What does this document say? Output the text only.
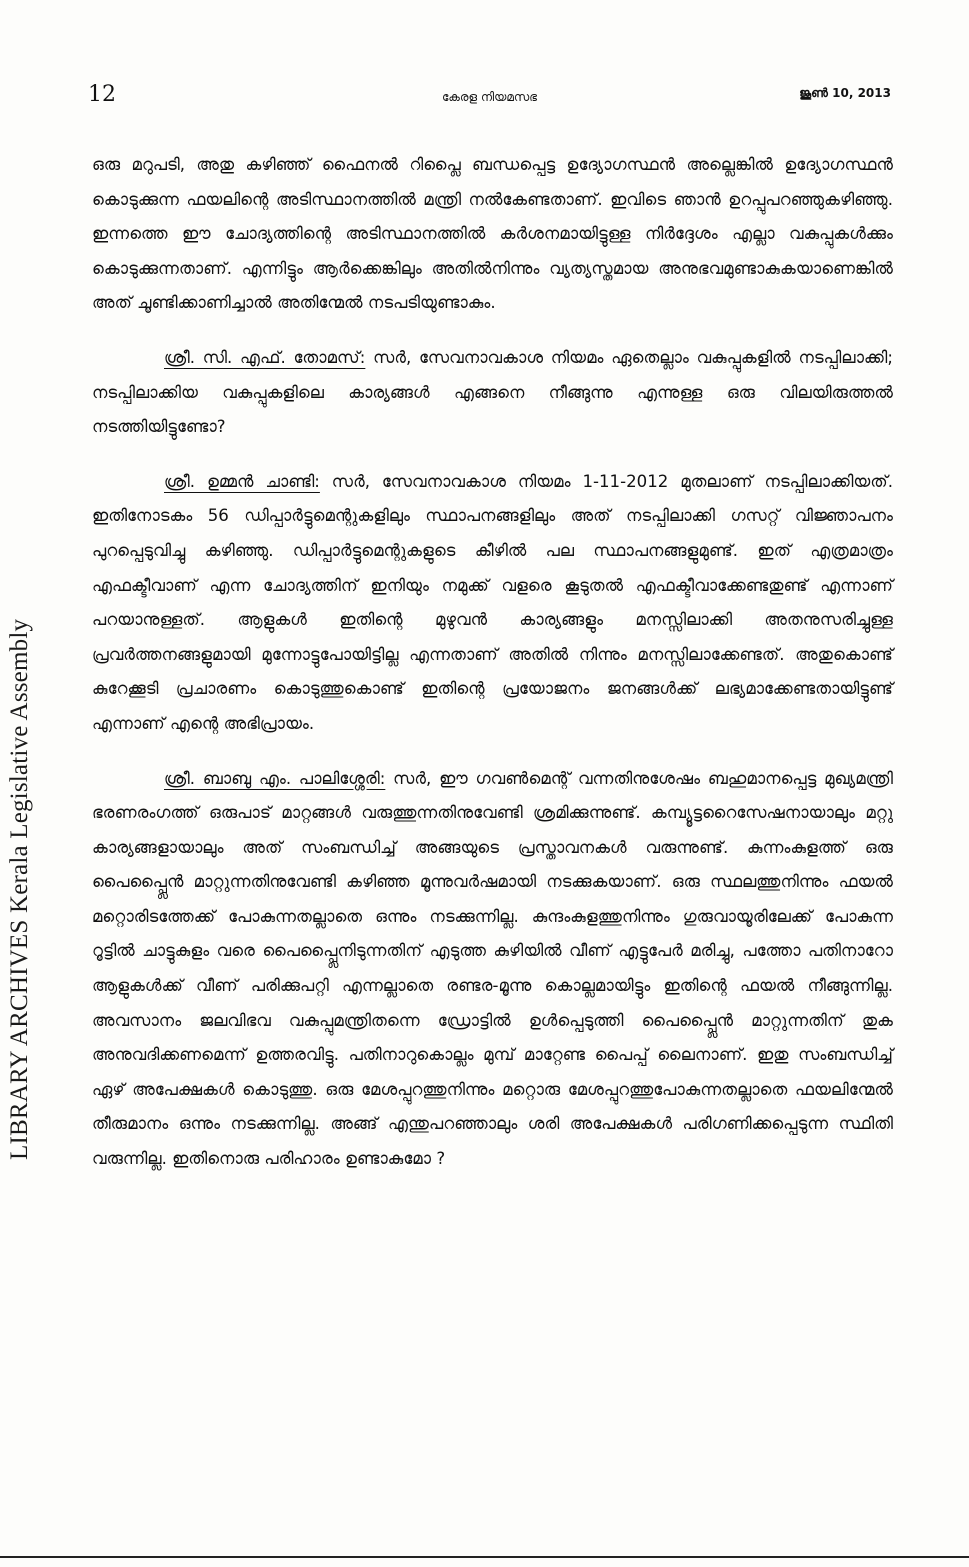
12	കേരള നിയമസഭ	ജൂൺ 10, 2013
LIBRARY ARCHIVES Kerala Legislative Assembly

ഒരു മറുപടി, അതു കഴിഞ്ഞ് ഫൈനൽ റിപ്ലൈ ബന്ധപ്പെട്ട ഉദ്യോഗസ്ഥൻ അല്ലെങ്കിൽ ഉദ്യോഗസ്ഥൻ കൊടുക്കുന്ന ഫയലിന്റെ അടിസ്ഥാനത്തിൽ മന്ത്രി നൽകേണ്ടതാണ്. ഇവിടെ ഞാൻ ഉറപ്പുപറഞ്ഞുകഴിഞ്ഞു. ഇന്നത്തെ ഈ ചോദ്യത്തിന്റെ അടിസ്ഥാനത്തിൽ കർശനമായിട്ടുള്ള നിർദ്ദേശം എല്ലാ വകുപ്പുകൾക്കും കൊടുക്കുന്നതാണ്. എന്നിട്ടും ആർക്കെങ്കിലും അതിൽനിന്നും വ്യത്യസ്തമായ അനുഭവമുണ്ടാകുകയാണെങ്കിൽ അത് ചൂണ്ടിക്കാണിച്ചാൽ അതിന്മേൽ നടപടിയുണ്ടാകും.

ശ്രീ. സി. എഫ്. തോമസ്: സർ, സേവനാവകാശ നിയമം ഏതെല്ലാം വകുപ്പുകളിൽ നടപ്പിലാക്കി; നടപ്പിലാക്കിയ വകുപ്പുകളിലെ കാര്യങ്ങൾ എങ്ങനെ നീങ്ങുന്നു എന്നുള്ള ഒരു വിലയിരുത്തൽ നടത്തിയിട്ടുണ്ടോ?

ശ്രീ. ഉമ്മൻ ചാണ്ടി: സർ, സേവനാവകാശ നിയമം 1-11-2012 മുതലാണ് നടപ്പിലാക്കിയത്. ഇതിനോടകം 56 ഡിപ്പാർട്ടുമെന്റുകളിലും സ്ഥാപനങ്ങളിലും അത് നടപ്പിലാക്കി ഗസറ്റ് വിജ്ഞാപനം പുറപ്പെടുവിച്ചു കഴിഞ്ഞു. ഡിപ്പാർട്ടുമെന്റുകളുടെ കീഴിൽ പല സ്ഥാപനങ്ങളുമുണ്ട്. ഇത് എത്രമാത്രം എഫക്ടീവാണ് എന്ന ചോദ്യത്തിന് ഇനിയും നമുക്ക് വളരെ കൂടുതൽ എഫക്ടീവാക്കേണ്ടതുണ്ട് എന്നാണ് പറയാനുള്ളത്. ആളുകൾ ഇതിന്റെ മുഴുവൻ കാര്യങ്ങളും മനസ്സിലാക്കി അതനുസരിച്ചുള്ള പ്രവർത്തനങ്ങളുമായി മുന്നോട്ടുപോയിട്ടില്ല എന്നതാണ് അതിൽ നിന്നും മനസ്സിലാക്കേണ്ടത്. അതുകൊണ്ട് കുറേക്കൂടി പ്രചാരണം കൊടുത്തുകൊണ്ട് ഇതിന്റെ പ്രയോജനം ജനങ്ങൾക്ക് ലഭ്യമാക്കേണ്ടതായിട്ടുണ്ട് എന്നാണ് എന്റെ അഭിപ്രായം.

ശ്രീ. ബാബു എം. പാലിശ്ശേരി: സർ, ഈ ഗവൺമെന്റ് വന്നതിനുശേഷം ബഹുമാനപ്പെട്ട മുഖ്യമന്ത്രി ഭരണരംഗത്ത് ഒരുപാട് മാറ്റങ്ങൾ വരുത്തുന്നതിനുവേണ്ടി ശ്രമിക്കുന്നുണ്ട്. കമ്പ്യൂട്ടറൈസേഷനായാലും മറ്റു കാര്യങ്ങളായാലും അത് സംബന്ധിച്ച് അങ്ങയുടെ പ്രസ്താവനകൾ വരുന്നുണ്ട്. കുന്നംകുളത്ത് ഒരു പൈപ്പ്ലൈൻ മാറ്റുന്നതിനുവേണ്ടി കഴിഞ്ഞ മൂന്നുവർഷമായി നടക്കുകയാണ്. ഒരു സ്ഥലത്തുനിന്നും ഫയൽ മറ്റൊരിടത്തേക്ക് പോകുന്നതല്ലാതെ ഒന്നും നടക്കുന്നില്ല. കുന്ദംകുളത്തുനിന്നും ഗുരുവായൂരിലേക്ക് പോകുന്ന റൂട്ടിൽ ചാട്ടുകുളം വരെ പൈപ്പ്ലൈനിടുന്നതിന് എടുത്ത കുഴിയിൽ വീണ് എട്ടുപേർ മരിച്ചു, പത്തോ പതിനാറോ ആളുകൾക്ക് വീണ് പരിക്കുപറ്റി എന്നല്ലാതെ രണ്ടര-മൂന്നു കൊല്ലമായിട്ടും ഇതിന്റെ ഫയൽ നീങ്ങുന്നില്ല. അവസാനം ജലവിഭവ വകുപ്പുമന്ത്രിതന്നെ ഡ്രോട്ടിൽ ഉൾപ്പെടുത്തി പൈപ്പ്ലൈൻ മാറ്റുന്നതിന് തുക അനുവദിക്കണമെന്ന് ഉത്തരവിട്ടു. പതിനാറുകൊല്ലം മുമ്പ് മാറ്റേണ്ട പൈപ്പ് ലൈനാണ്. ഇതു സംബന്ധിച്ച് ഏഴ് അപേക്ഷകൾ കൊടുത്തു. ഒരു മേശപ്പുറത്തുനിന്നും മറ്റൊരു മേശപ്പുറത്തുപോകുന്നതല്ലാതെ ഫയലിന്മേൽ തീരുമാനം ഒന്നും നടക്കുന്നില്ല. അങ്ങ് എന്തുപറഞ്ഞാലും ശരി അപേക്ഷകൾ പരിഗണിക്കപ്പെടുന്ന സ്ഥിതി വരുന്നില്ല. ഇതിനൊരു പരിഹാരം ഉണ്ടാകുമോ ?
